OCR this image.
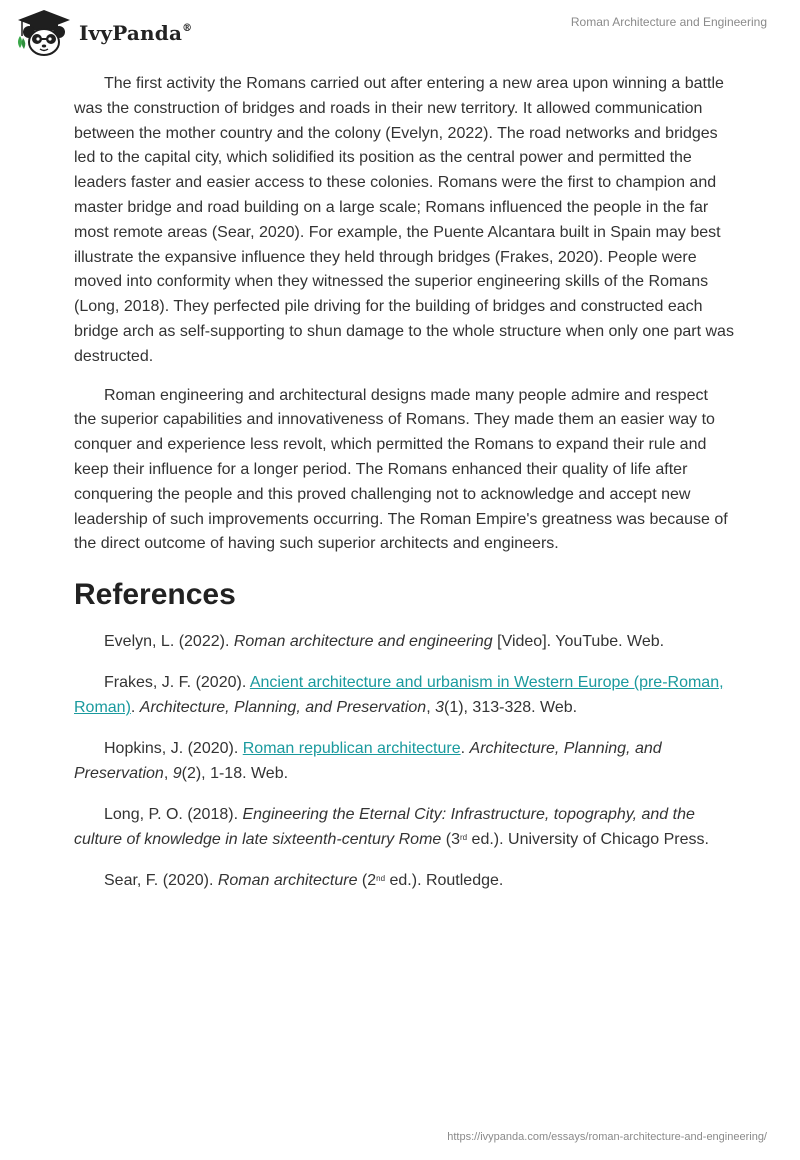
IvyPanda®	Roman Architecture and Engineering

The first activity the Romans carried out after entering a new area upon winning a battle was the construction of bridges and roads in their new territory. It allowed communication between the mother country and the colony (Evelyn, 2022). The road networks and bridges led to the capital city, which solidified its position as the central power and permitted the leaders faster and easier access to these colonies. Romans were the first to champion and master bridge and road building on a large scale; Romans influenced the people in the far most remote areas (Sear, 2020). For example, the Puente Alcantara built in Spain may best illustrate the expansive influence they held through bridges (Frakes, 2020). People were moved into conformity when they witnessed the superior engineering skills of the Romans (Long, 2018). They perfected pile driving for the building of bridges and constructed each bridge arch as self-supporting to shun damage to the whole structure when only one part was destructed.

Roman engineering and architectural designs made many people admire and respect the superior capabilities and innovativeness of Romans. They made them an easier way to conquer and experience less revolt, which permitted the Romans to expand their rule and keep their influence for a longer period. The Romans enhanced their quality of life after conquering the people and this proved challenging not to acknowledge and accept new leadership of such improvements occurring. The Roman Empire's greatness was because of the direct outcome of having such superior architects and engineers.

References

Evelyn, L. (2022). Roman architecture and engineering [Video]. YouTube. Web.

Frakes, J. F. (2020). Ancient architecture and urbanism in Western Europe (pre-Roman, Roman). Architecture, Planning, and Preservation, 3(1), 313-328. Web.

Hopkins, J. (2020). Roman republican architecture. Architecture, Planning, and Preservation, 9(2), 1-18. Web.

Long, P. O. (2018). Engineering the Eternal City: Infrastructure, topography, and the culture of knowledge in late sixteenth-century Rome (3rd ed.). University of Chicago Press.

Sear, F. (2020). Roman architecture (2nd ed.). Routledge.

https://ivypanda.com/essays/roman-architecture-and-engineering/
